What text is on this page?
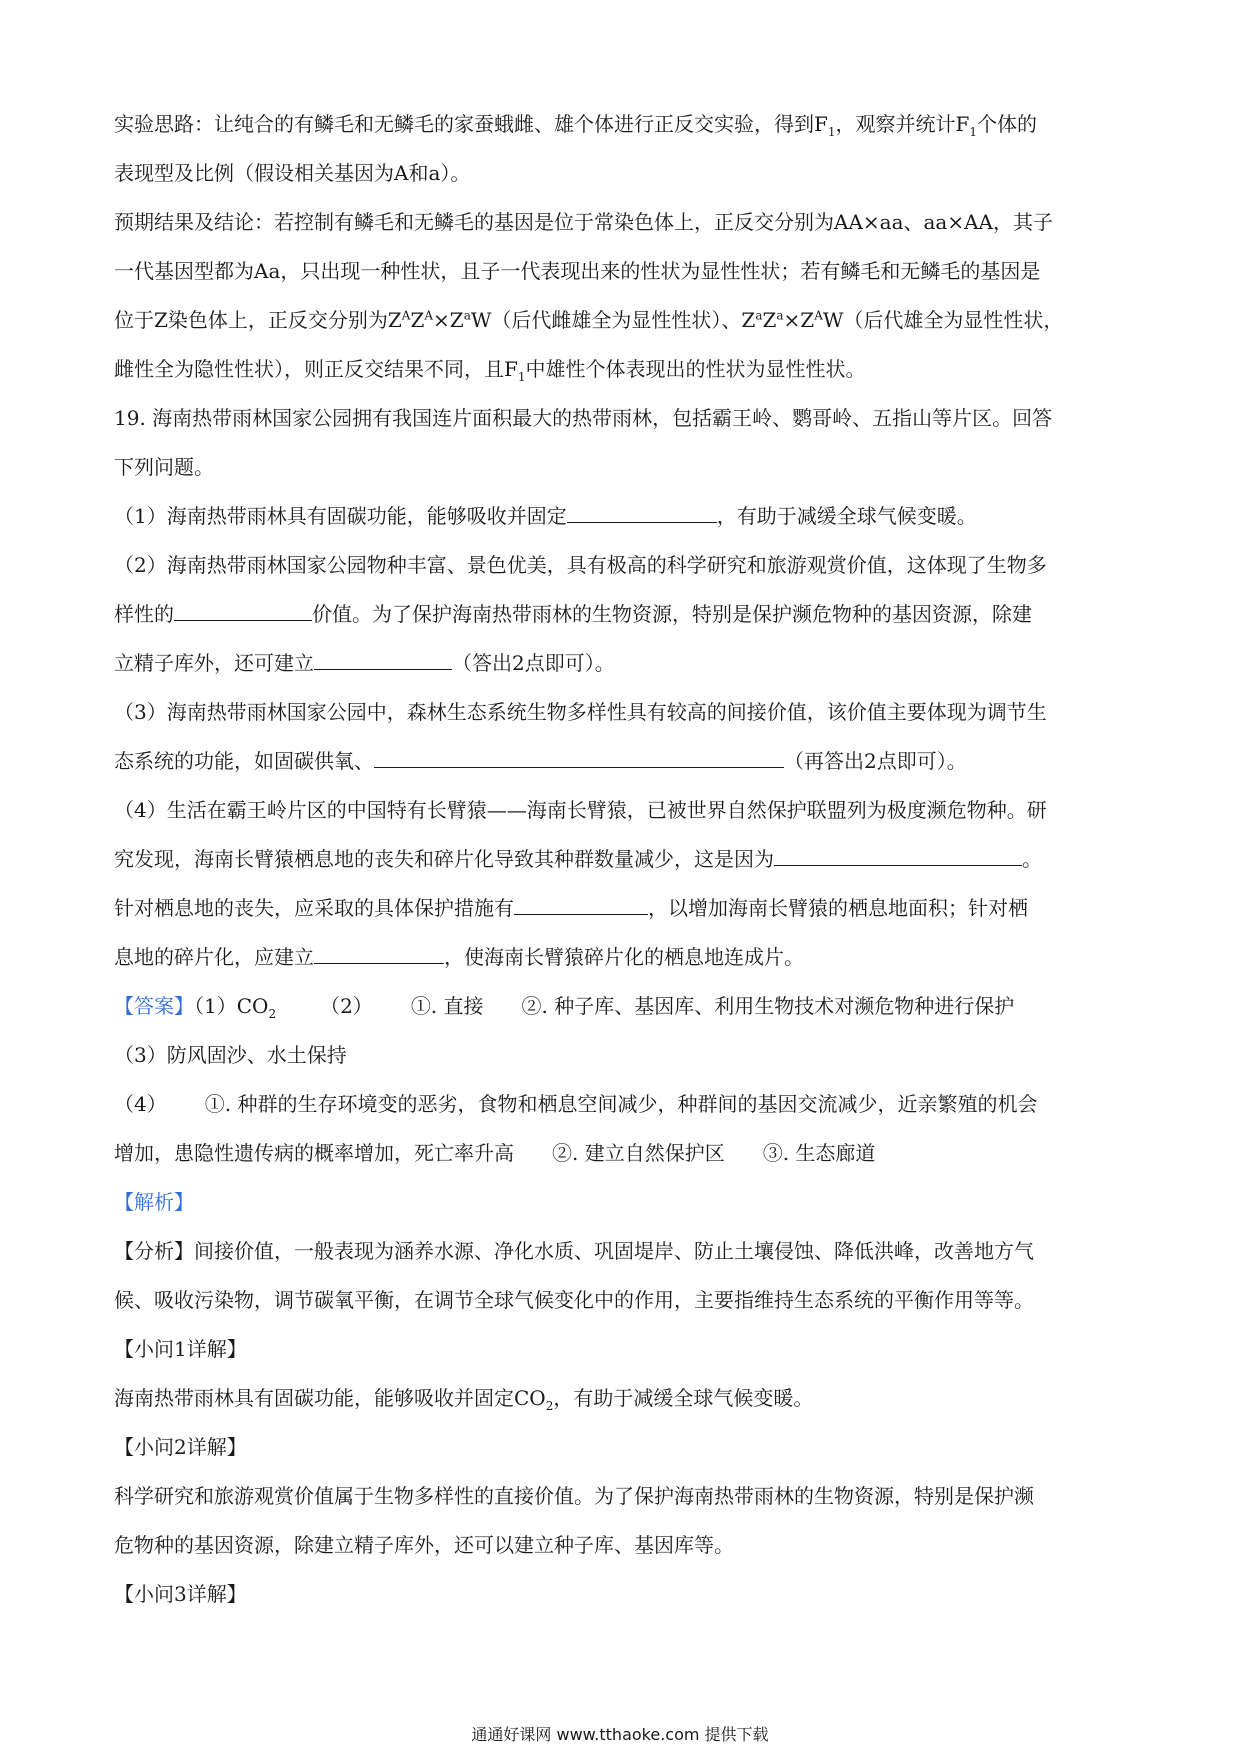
实验思路：让纯合的有鳞毛和无鳞毛的家蚕蛾雌、雄个体进行正反交实验，得到$F_1$，观察并统计$F_1$个体的
表现型及比例（假设相关基因为A和a）。
预期结果及结论：若控制有鳞毛和无鳞毛的基因是位于常染色体上，正反交分别为AA×aa、aa×AA，其子
一代基因型都为Aa，只出现一种性状，且子一代表现出来的性状为显性性状；若有鳞毛和无鳞毛的基因是
位于Z染色体上，正反交分别为$Z^AZ^A\times Z^aW$（后代雌雄全为显性性状）、$Z^aZ^a\times Z^AW$（后代雄全为显性性状，
雌性全为隐性性状），则正反交结果不同，且$F_1$中雄性个体表现出的性状为显性性状。
19. 海南热带雨林国家公园拥有我国连片面积最大的热带雨林，包括霸王岭、鹦哥岭、五指山等片区。回答
下列问题。
（1）海南热带雨林具有固碳功能，能够吸收并固定	，有助于减缓全球气候变暖。
（2）海南热带雨林国家公园物种丰富、景色优美，具有极高的科学研究和旅游观赏价值，这体现了生物多
样性的	价值。为了保护海南热带雨林的生物资源，特别是保护濒危物种的基因资源，除建
立精子库外，还可建立	（答出2点即可）。
（3）海南热带雨林国家公园中，森林生态系统生物多样性具有较高的间接价值，该价值主要体现为调节生
态系统的功能，如固碳供氧、	（再答出2点即可）。
（4）生活在霸王岭片区的中国特有长臂猿——海南长臂猿，已被世界自然保护联盟列为极度濒危物种。研
究发现，海南长臂猿栖息地的丧失和碎片化导致其种群数量减少，这是因为	。
针对栖息地的丧失，应采取的具体保护措施有	，以增加海南长臂猿的栖息地面积；针对栖
息地的碎片化，应建立	，使海南长臂猿碎片化的栖息地连成片。
【答案】$(1)CO_2$ （2） ①. 直接 ②. 种子库、基因库、利用生物技术对濒危物种进行保护
（3）防风固沙、水土保持
（4） ①. 种群的生存环境变的恶劣，食物和栖息空间减少，种群间的基因交流减少，近亲繁殖的机会
增加，患隐性遗传病的概率增加，死亡率升高 ②. 建立自然保护区 ③. 生态廊道
【解析】
【分析】间接价值，一般表现为涵养水源、净化水质、巩固堤岸、防止土壤侵蚀、降低洪峰，改善地方气
候、吸收污染物，调节碳氧平衡，在调节全球气候变化中的作用，主要指维持生态系统的平衡作用等等。
【小问1详解】
海南热带雨林具有固碳功能，能够吸收并固定$CO_2$，有助于减缓全球气候变暖。
【小问2详解】
科学研究和旅游观赏价值属于生物多样性的直接价值。为了保护海南热带雨林的生物资源，特别是保护濒
危物种的基因资源，除建立精子库外，还可以建立种子库、基因库等。
【小问3详解】
通通好课网 www.tthaoke.com 提供下载
